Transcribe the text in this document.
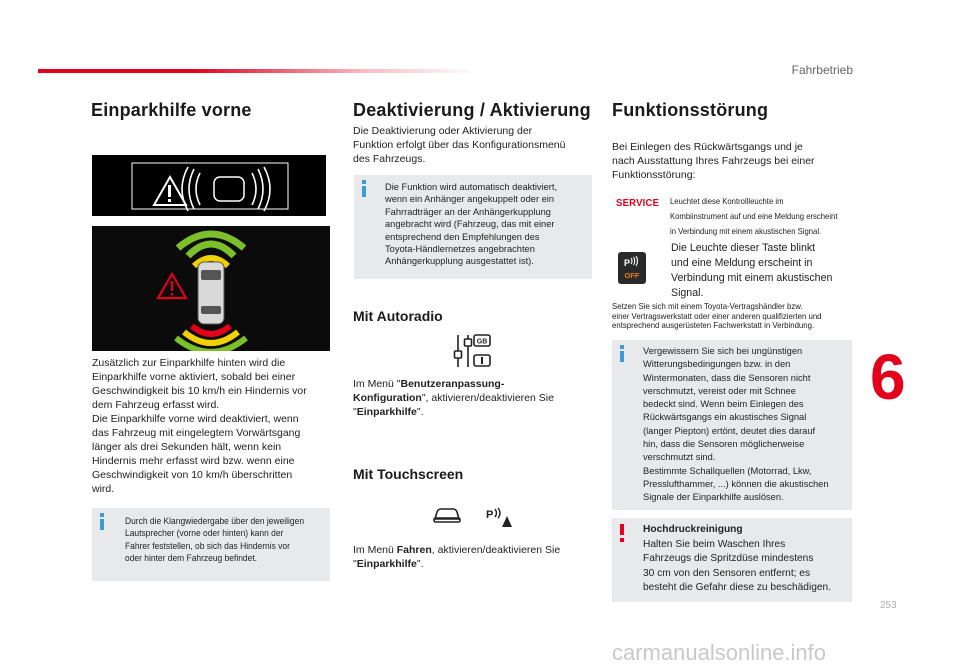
Fahrbetrieb
Einparkhilfe vorne
Zusätzlich zur Einparkhilfe hinten wird die
Einparkhilfe vorne aktiviert, sobald bei einer
Geschwindigkeit bis 10 km/h ein Hindernis vor
dem Fahrzeug erfasst wird.
Die Einparkhilfe vorne wird deaktiviert, wenn
das Fahrzeug mit eingelegtem Vorwärtsgang
länger als drei Sekunden hält, wenn kein
Hindernis mehr erfasst wird bzw. wenn eine
Geschwindigkeit von 10 km/h überschritten
wird.
Durch die Klangwiedergabe über den jeweiligen
Lautsprecher (vorne oder hinten) kann der
Fahrer feststellen, ob sich das Hindernis vor
oder hinter dem Fahrzeug befindet.
Deaktivierung / Aktivierung
Die Deaktivierung oder Aktivierung der
Funktion erfolgt über das Konfigurationsmenü
des Fahrzeugs.
Die Funktion wird automatisch deaktiviert,
wenn ein Anhänger angekuppelt oder ein
Fahrradträger an der Anhängerkupplung
angebracht wird (Fahrzeug, das mit einer
entsprechend den Empfehlungen des
Toyota-Händlernetzes angebrachten
Anhängerkupplung ausgestattet ist).
Mit Autoradio
GB
Im Menü "Benutzeranpassung-
Konfiguration", aktivieren/deaktivieren Sie
"Einparkhilfe".
Mit Touchscreen
P
Im Menü Fahren, aktivieren/deaktivieren Sie
"Einparkhilfe".
Funktionsstörung
Bei Einlegen des Rückwärtsgangs und je
nach Ausstattung Ihres Fahrzeugs bei einer
Funktionsstörung:
SERVICE Leuchtet diese Kontrollleuchte im
Kombiinstrument auf und eine Meldung erscheint
in Verbindung mit einem akustischen Signal.
P
OFF
Die Leuchte dieser Taste blinkt
und eine Meldung erscheint in
Verbindung mit einem akustischen
Signal.
Setzen Sie sich mit einem Toyota-Vertragshändler bzw.
einer Vertragswerkstatt oder einer anderen qualifizierten und
entsprechend ausgerüsteten Fachwerkstatt in Verbindung.
Vergewissern Sie sich bei ungünstigen
Witterungsbedingungen bzw. in den
Wintermonaten, dass die Sensoren nicht
verschmutzt, vereist oder mit Schnee
bedeckt sind. Wenn beim Einlegen des
Rückwärtsgangs ein akustisches Signal
(langer Piepton) ertönt, deutet dies darauf
hin, dass die Sensoren möglicherweise
verschmutzt sind.
Bestimmte Schallquellen (Motorrad, Lkw,
Presslufthammer, ...) können die akustischen
Signale der Einparkhilfe auslösen.
Hochdruckreinigung
Halten Sie beim Waschen Ihres
Fahrzeugs die Spritzdüse mindestens
30 cm von den Sensoren entfernt; es
besteht die Gefahr diese zu beschädigen.
6
253
carmanualsonline.info
